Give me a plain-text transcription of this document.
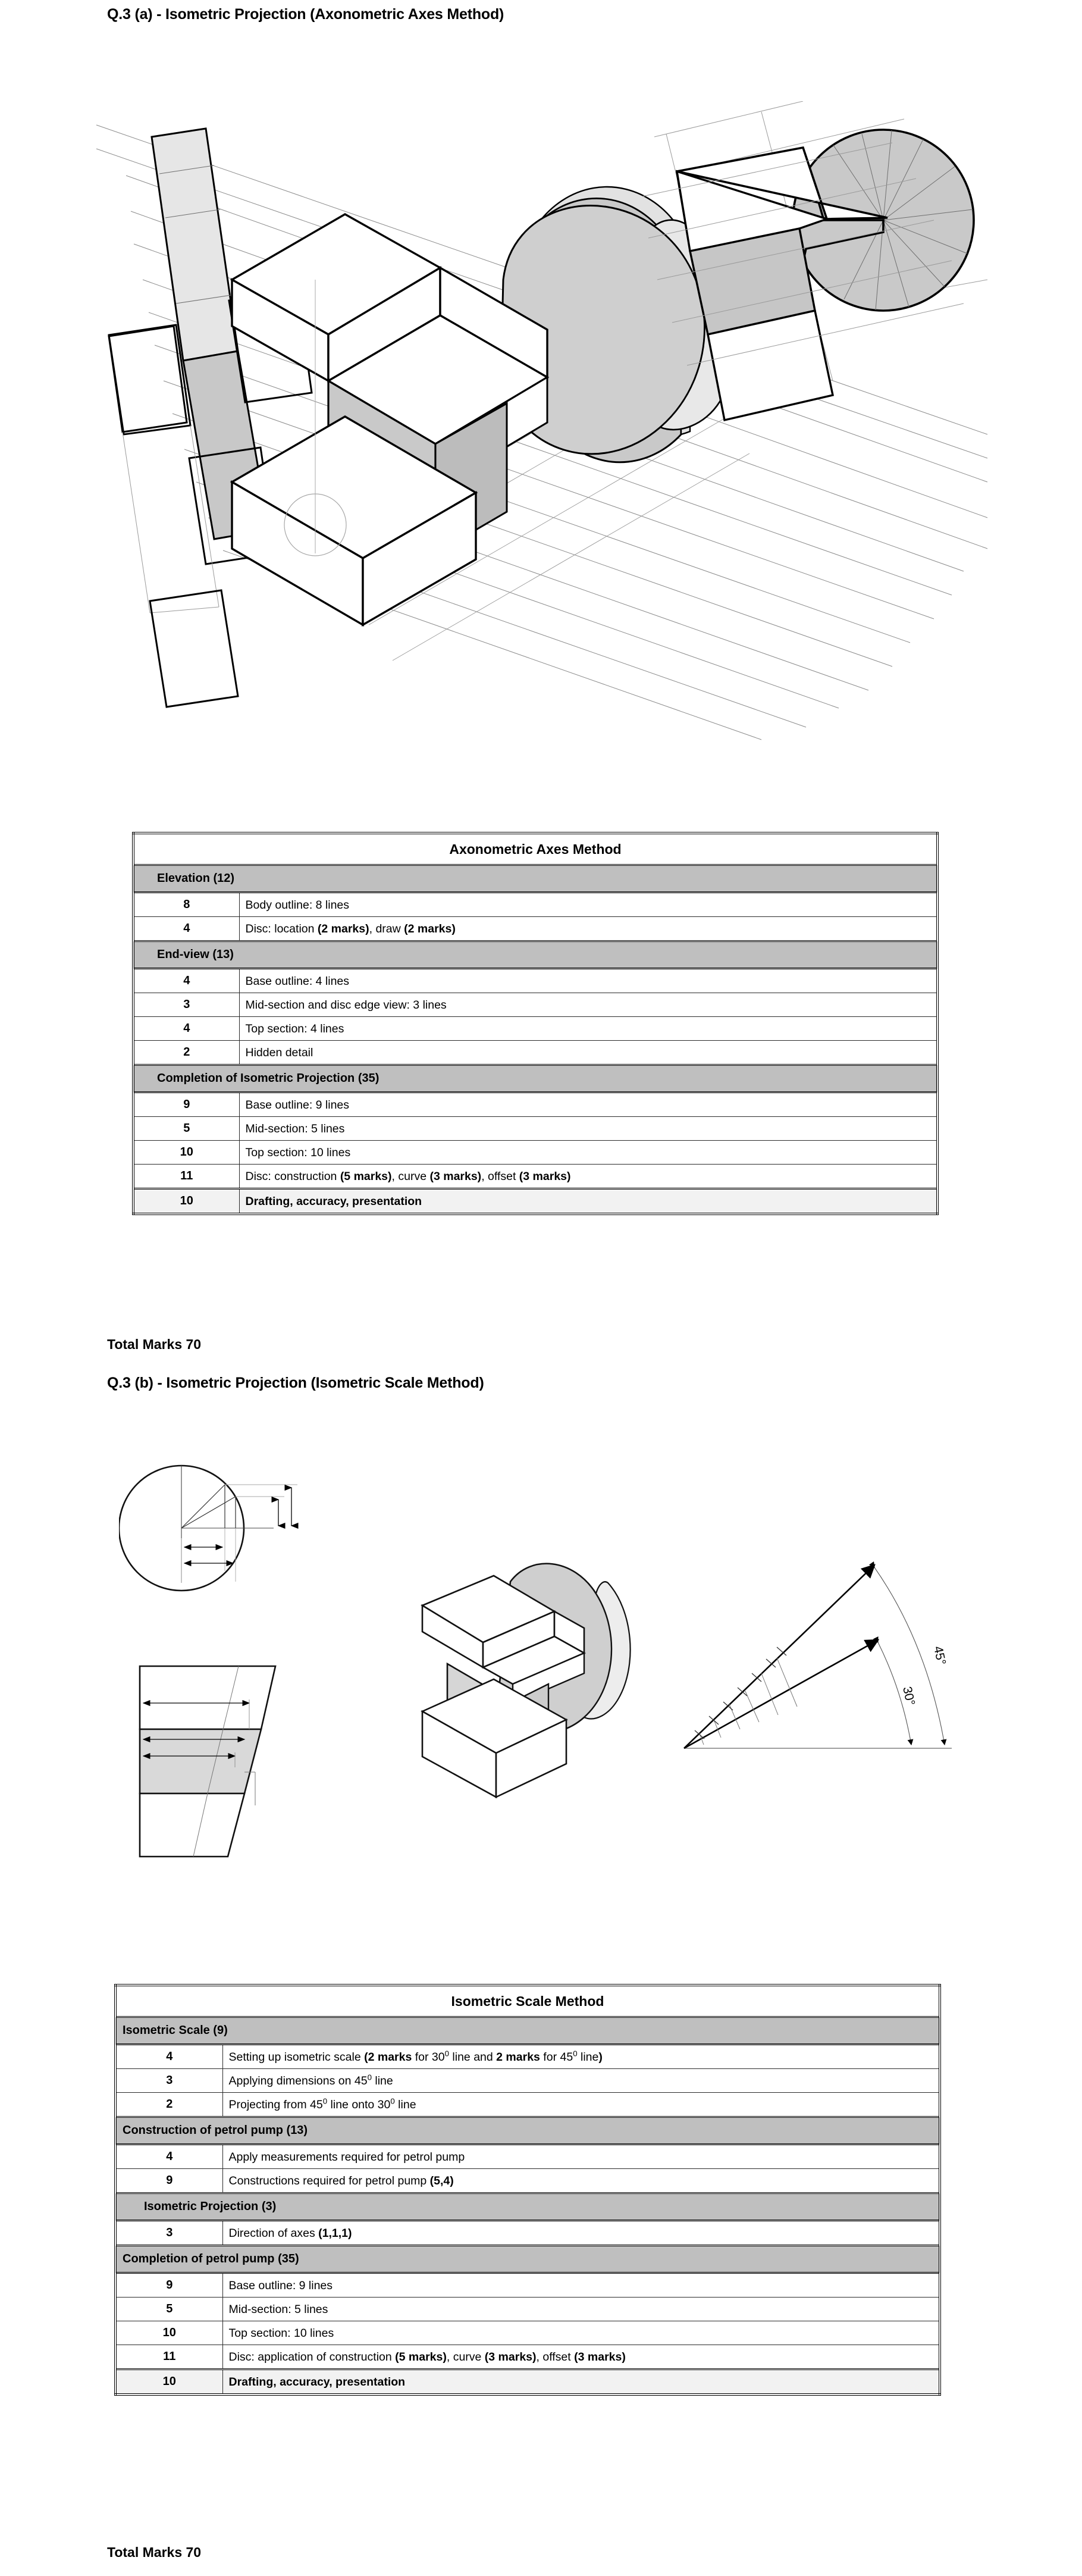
Q.3 (a) - Isometric Projection (Axonometric Axes Method)
Axonometric Axes Method	
Elevation (12)	
8	Body outline: 8 lines
4	Disc: location (2 marks), draw (2 marks)
End-view (13)	
4	Base outline: 4 lines
3	Mid-section and disc edge view: 3 lines
4	Top section: 4 lines
2	Hidden detail
Completion of Isometric Projection (35)	
9	Base outline: 9 lines
5	Mid-section: 5 lines
10	Top section: 10 lines
11	Disc: construction (5 marks), curve (3 marks), offset (3 marks)
10	Drafting, accuracy, presentation
Total Marks 70
Q.3 (b) - Isometric Projection (Isometric Scale Method)
45°
30°
Isometric Scale Method	
Isometric Scale (9)	
4	Setting up isometric scale (2 marks for $30^0$ line and 2 marks for $45^0$ line)
3	Applying dimensions on $45^0$ line
2	Projecting from $45^0$ line onto $30^0$ line
Construction of petrol pump (13)	
4	Apply measurements required for petrol pump
9	Constructions required for petrol pump (5,4)
Isometric Projection (3)	
3	Direction of axes (1,1,1)
Completion of petrol pump (35)	
9	Base outline: 9 lines
5	Mid-section: 5 lines
10	Top section: 10 lines
11	Disc: application of construction (5 marks), curve (3 marks), offset (3 marks)
10	Drafting, accuracy, presentation
Total Marks 70
